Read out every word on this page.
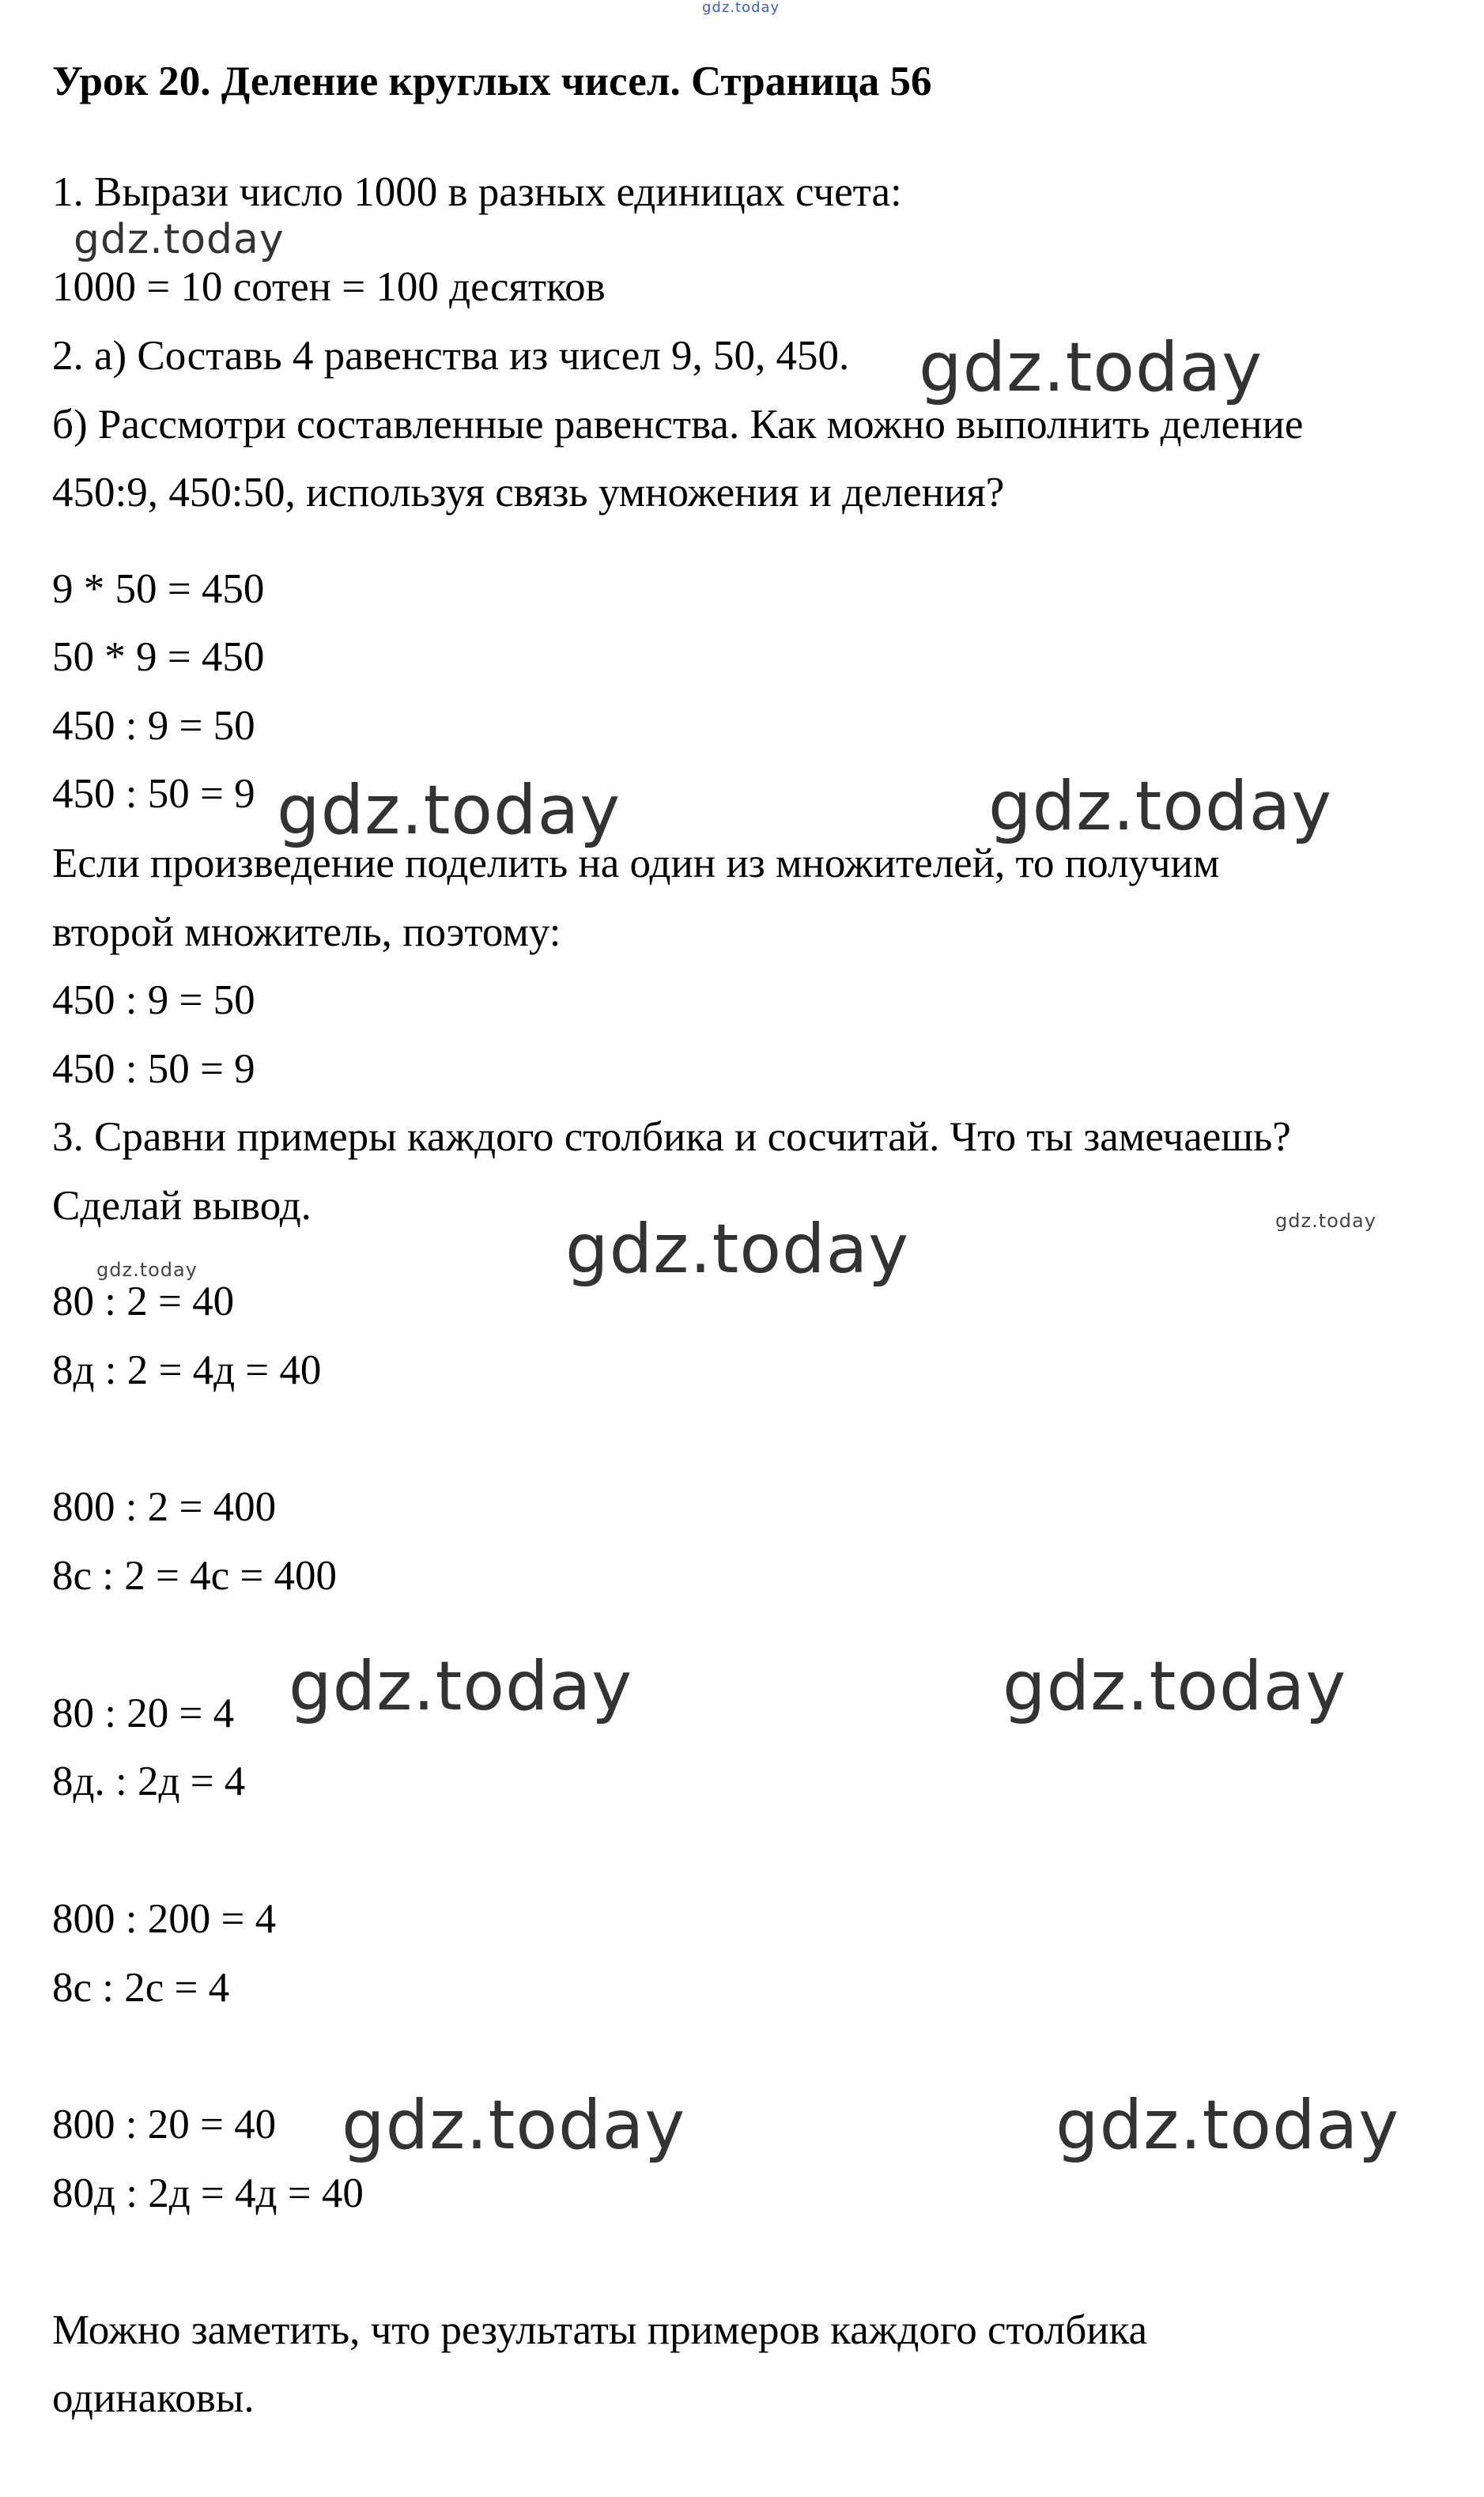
gdz.today
gdz.today
gdz.today
gdz.today	gdz.today
gdz.today	gdz.today
gdz.today
gdz.today	gdz.today
gdz.today	gdz.today
Урок 20. Деление круглых чисел. Страница 56
1. Вырази число 1000 в разных единицах счета:
1000 = 10 сотен = 100 десятков
2. а) Составь 4 равенства из чисел 9, 50, 450.
б) Рассмотри составленные равенства. Как можно выполнить деление
450:9, 450:50, используя связь умножения и деления?
9 * 50 = 450
50 * 9 = 450
450 : 9 = 50
450 : 50 = 9
Если произведение поделить на один из множителей, то получим
второй множитель, поэтому:
450 : 9 = 50
450 : 50 = 9
3. Сравни примеры каждого столбика и сосчитай. Что ты замечаешь?
Сделай вывод.
80 : 2 = 40
8д : 2 = 4д = 40
800 : 2 = 400
8с : 2 = 4с = 400
80 : 20 = 4
8д. : 2д = 4
800 : 200 = 4
8с : 2с = 4
800 : 20 = 40
80д : 2д = 4д = 40
Можно заметить, что результаты примеров каждого столбика
одинаковы.
